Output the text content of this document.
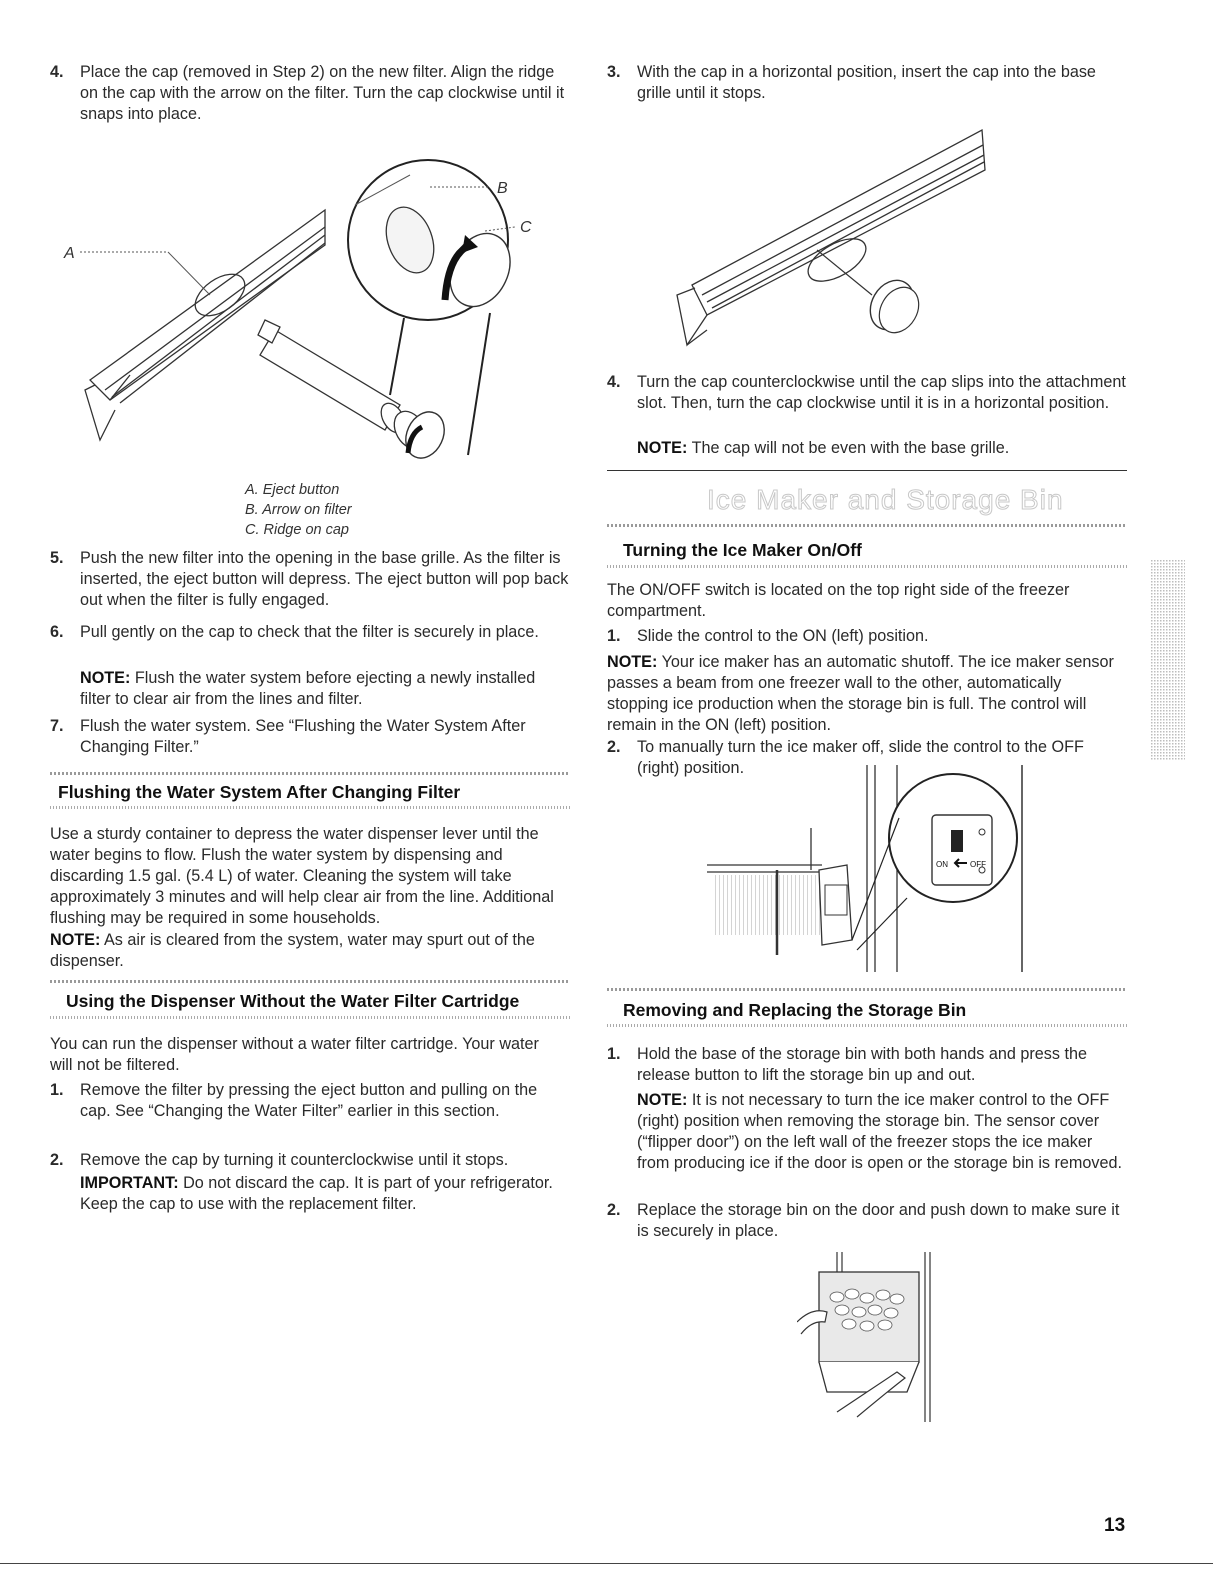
4. Place the cap (removed in Step 2) on the new filter. Align the ridge on the cap with the arrow on the filter. Turn the cap clockwise until it snaps into place.
A
B
C
A. Eject button
B. Arrow on filter
C. Ridge on cap
5. Push the new filter into the opening in the base grille. As the filter is inserted, the eject button will depress. The eject button will pop back out when the filter is fully engaged.
6. Pull gently on the cap to check that the filter is securely in place.
NOTE: Flush the water system before ejecting a newly installed filter to clear air from the lines and filter.
7. Flush the water system. See “Flushing the Water System After Changing Filter.”
Flushing the Water System After Changing Filter
Use a sturdy container to depress the water dispenser lever until the water begins to flow. Flush the water system by dispensing and discarding 1.5 gal. (5.4 L) of water. Cleaning the system will take approximately 3 minutes and will help clear air from the line. Additional flushing may be required in some households.
NOTE: As air is cleared from the system, water may spurt out of the dispenser.
Using the Dispenser Without the Water Filter Cartridge
You can run the dispenser without a water filter cartridge. Your water will not be filtered.
1. Remove the filter by pressing the eject button and pulling on the cap. See “Changing the Water Filter” earlier in this section.
2. Remove the cap by turning it counterclockwise until it stops.
IMPORTANT: Do not discard the cap. It is part of your refrigerator. Keep the cap to use with the replacement filter.
3. With the cap in a horizontal position, insert the cap into the base grille until it stops.
4. Turn the cap counterclockwise until the cap slips into the attachment slot. Then, turn the cap clockwise until it is in a horizontal position.
NOTE: The cap will not be even with the base grille.
Ice Maker and Storage Bin
Turning the Ice Maker On/Off
The ON/OFF switch is located on the top right side of the freezer compartment.
1. Slide the control to the ON (left) position.
NOTE: Your ice maker has an automatic shutoff. The ice maker sensor passes a beam from one freezer wall to the other, automatically stopping ice production when the storage bin is full. The control will remain in the ON (left) position.
2. To manually turn the ice maker off, slide the control to the OFF (right) position.
ON	OFF
Removing and Replacing the Storage Bin
1. Hold the base of the storage bin with both hands and press the release button to lift the storage bin up and out.
NOTE: It is not necessary to turn the ice maker control to the OFF (right) position when removing the storage bin. The sensor cover (“flipper door”) on the left wall of the freezer stops the ice maker from producing ice if the door is open or the storage bin is removed.
2. Replace the storage bin on the door and push down to make sure it is securely in place.
13
